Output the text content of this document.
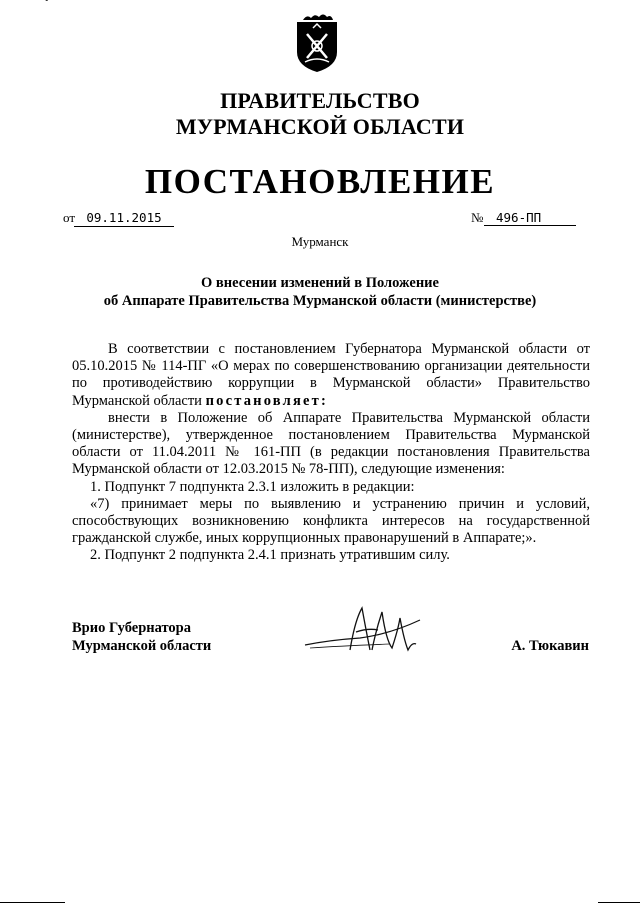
ˇ
ПРАВИТЕЛЬСТВО
МУРМАНСКОЙ ОБЛАСТИ
ПОСТАНОВЛЕНИЕ
от 09.11.2015	№	496-ПП
Мурманск
О внесении изменений в Положение
об Аппарате Правительства Мурманской области (министерстве)

В соответствии с постановлением Губернатора Мурманской области от 05.10.2015 № 114-ПГ «О мерах по совершенствованию организации деятельности по противодействию коррупции в Мурманской области» Правительство Мурманской области постановляет:

внести в Положение об Аппарате Правительства Мурманской области (министерстве), утвержденное постановлением Правительства Мурманской области от 11.04.2011 № 161-ПП (в редакции постановления Правительства Мурманской области от 12.03.2015 № 78-ПП), следующие изменения:

1. Подпункт 7 подпункта 2.3.1 изложить в редакции:

«7) принимает меры по выявлению и устранению причин и условий, способствующих возникновению конфликта интересов на государственной гражданской службе, иных коррупционных правонарушений в Аппарате;».

2. Подпункт 2 подпункта 2.4.1 признать утратившим силу.

Врио Губернатора
Мурманской области	А. Тюкавин
